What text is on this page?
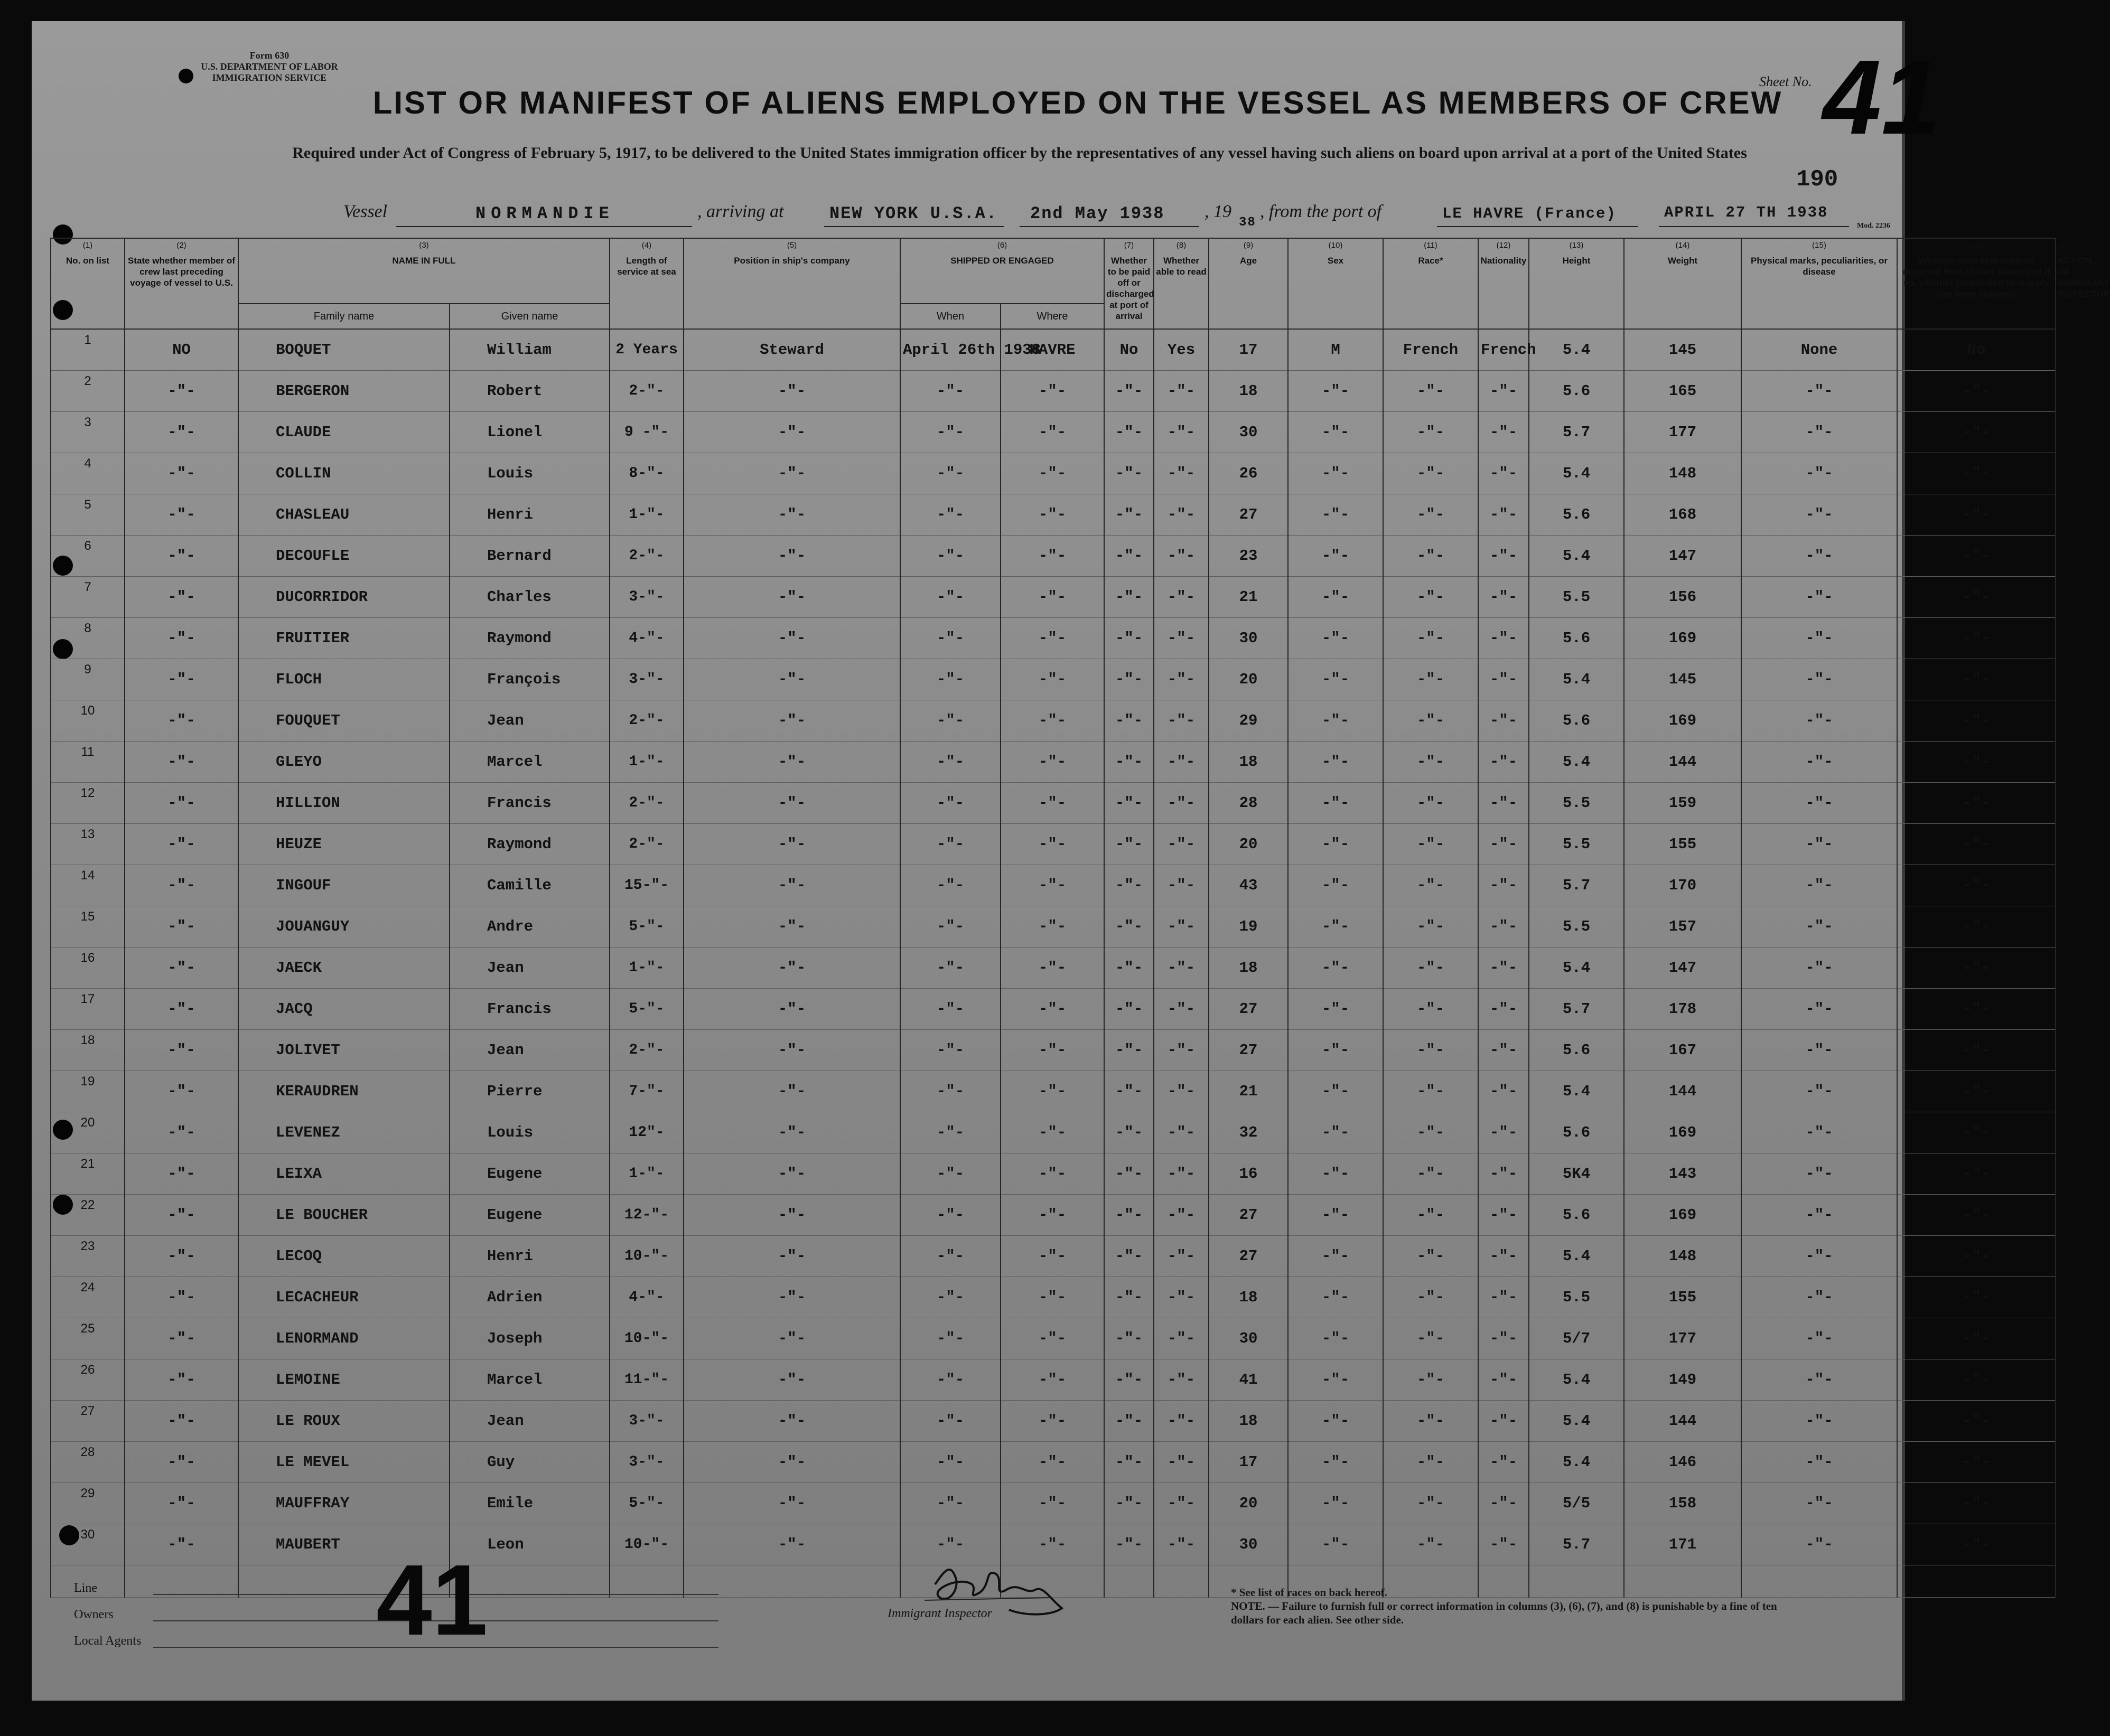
Form 630
U.S. DEPARTMENT OF LABOR
IMMIGRATION SERVICE
LIST OR MANIFEST OF ALIENS EMPLOYED ON THE VESSEL AS MEMBERS OF CREW
Sheet No. 41
Required under Act of Congress of February 5, 1917, to be delivered to the United States immigration officer by the representatives of any vessel having such aliens on board upon arrival at a port of the United States
190
Vessel	NORMANDIE	, arriving at	NEW YORK U.S.A. 2nd May 1938 , 19
38
, from the port of	LE HAVRE (France)	APRIL 27 TH 1938
Mod. 2236
(1)
No. on list	(2)
State whether member of crew last preceding voyage of vessel to U.S.	(3)
NAME IN FULL		(4)
Length of service at sea	(5)
Position in ship's company	(6)
SHIPPED OR ENGAGED		(7)
Whether to be paid off or discharged at port of arrival	(8)
Whether able to read	(9)
Age	(10)
Sex	(11)
Race*	(12)
Nationality	(13)
Height	(14)
Weight	(15)
Physical marks, peculiarities, or disease	(16)
Whether alien ever ordered deported from United States and if so, whether permission to reapply has been obtained	(17)
ACTION OF IMMIGRANT INSPECTOR
		Family name	Given name			When	Where											
1	NO	BOQUET	William	2 Years	Steward	April 26th 1938	HAVRE	No	Yes	17	M	French	French	5.4	145	None	No	
2	-"-	BERGERON	Robert	2-"-	-"-	-"-	-"-	-"-	-"-	18	-"-	-"-	-"-	5.6	165	-"-	-"-	
3	-"-	CLAUDE	Lionel	9 -"-	-"-	-"-	-"-	-"-	-"-	30	-"-	-"-	-"-	5.7	177	-"-	-"-	
4	-"-	COLLIN	Louis	8-"-	-"-	-"-	-"-	-"-	-"-	26	-"-	-"-	-"-	5.4	148	-"-	-"-	
5	-"-	CHASLEAU	Henri	1-"-	-"-	-"-	-"-	-"-	-"-	27	-"-	-"-	-"-	5.6	168	-"-	-"-	
6	-"-	DECOUFLE	Bernard	2-"-	-"-	-"-	-"-	-"-	-"-	23	-"-	-"-	-"-	5.4	147	-"-	-"-	
7	-"-	DUCORRIDOR	Charles	3-"-	-"-	-"-	-"-	-"-	-"-	21	-"-	-"-	-"-	5.5	156	-"-	-"-	
8	-"-	FRUITIER	Raymond	4-"-	-"-	-"-	-"-	-"-	-"-	30	-"-	-"-	-"-	5.6	169	-"-	-"-	
9	-"-	FLOCH	François	3-"-	-"-	-"-	-"-	-"-	-"-	20	-"-	-"-	-"-	5.4	145	-"-	-"-	
10	-"-	FOUQUET	Jean	2-"-	-"-	-"-	-"-	-"-	-"-	29	-"-	-"-	-"-	5.6	169	-"-	-"-	
11	-"-	GLEYO	Marcel	1-"-	-"-	-"-	-"-	-"-	-"-	18	-"-	-"-	-"-	5.4	144	-"-	-"-	
12	-"-	HILLION	Francis	2-"-	-"-	-"-	-"-	-"-	-"-	28	-"-	-"-	-"-	5.5	159	-"-	-"-	
13	-"-	HEUZE	Raymond	2-"-	-"-	-"-	-"-	-"-	-"-	20	-"-	-"-	-"-	5.5	155	-"-	-"-	
14	-"-	INGOUF	Camille	15-"-	-"-	-"-	-"-	-"-	-"-	43	-"-	-"-	-"-	5.7	170	-"-	-"-	
15	-"-	JOUANGUY	Andre	5-"-	-"-	-"-	-"-	-"-	-"-	19	-"-	-"-	-"-	5.5	157	-"-	-"-	
16	-"-	JAECK	Jean	1-"-	-"-	-"-	-"-	-"-	-"-	18	-"-	-"-	-"-	5.4	147	-"-	-"-	
17	-"-	JACQ	Francis	5-"-	-"-	-"-	-"-	-"-	-"-	27	-"-	-"-	-"-	5.7	178	-"-	-"-	
18	-"-	JOLIVET	Jean	2-"-	-"-	-"-	-"-	-"-	-"-	27	-"-	-"-	-"-	5.6	167	-"-	-"-	
19	-"-	KERAUDREN	Pierre	7-"-	-"-	-"-	-"-	-"-	-"-	21	-"-	-"-	-"-	5.4	144	-"-	-"-	
20	-"-	LEVENEZ	Louis	12"-	-"-	-"-	-"-	-"-	-"-	32	-"-	-"-	-"-	5.6	169	-"-	-"-	
21	-"-	LEIXA	Eugene	1-"-	-"-	-"-	-"-	-"-	-"-	16	-"-	-"-	-"-	5K4	143	-"-	-"-	
22	-"-	LE BOUCHER	Eugene	12-"-	-"-	-"-	-"-	-"-	-"-	27	-"-	-"-	-"-	5.6	169	-"-	-"-	
23	-"-	LECOQ	Henri	10-"-	-"-	-"-	-"-	-"-	-"-	27	-"-	-"-	-"-	5.4	148	-"-	-"-	
24	-"-	LECACHEUR	Adrien	4-"-	-"-	-"-	-"-	-"-	-"-	18	-"-	-"-	-"-	5.5	155	-"-	-"-	
25	-"-	LENORMAND	Joseph	10-"-	-"-	-"-	-"-	-"-	-"-	30	-"-	-"-	-"-	5/7	177	-"-	-"-	
26	-"-	LEMOINE	Marcel	11-"-	-"-	-"-	-"-	-"-	-"-	41	-"-	-"-	-"-	5.4	149	-"-	-"-	
27	-"-	LE ROUX	Jean	3-"-	-"-	-"-	-"-	-"-	-"-	18	-"-	-"-	-"-	5.4	144	-"-	-"-	
28	-"-	LE MEVEL	Guy	3-"-	-"-	-"-	-"-	-"-	-"-	17	-"-	-"-	-"-	5.4	146	-"-	-"-	
29	-"-	MAUFFRAY	Emile	5-"-	-"-	-"-	-"-	-"-	-"-	20	-"-	-"-	-"-	5/5	158	-"-	-"-	
30	-"-	MAUBERT	Leon	10-"-	-"-	-"-	-"-	-"-	-"-	30	-"-	-"-	-"-	5.7	171	-"-	-"-	

Line
Owners
Local Agents 41	Immigrant Inspector
* See list of races on back hereof.
NOTE. — Failure to furnish full or correct information in columns (3), (6), (7), and (8) is punishable by a fine of ten dollars for each alien. See other side.
